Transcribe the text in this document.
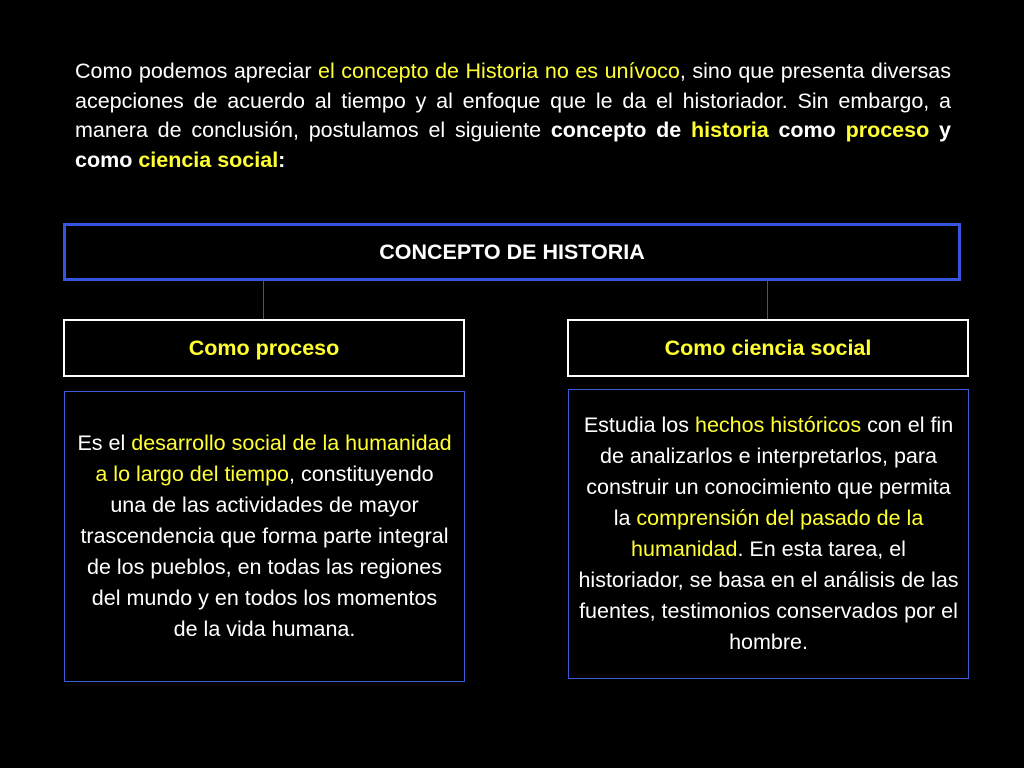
Como podemos apreciar el concepto de Historia no es unívoco, sino que presenta diversas acepciones de acuerdo al tiempo y al enfoque que le da el historiador. Sin embargo, a manera de conclusión, postulamos el siguiente concepto de historia como proceso y como ciencia social:
CONCEPTO DE HISTORIA
Como proceso	Como ciencia social

Es el desarrollo social de la humanidad a lo largo del tiempo, constituyendo una de las actividades de mayor trascendencia que forma parte integral de los pueblos, en todas las regiones del mundo y en todos los momentos de la vida humana.

Estudia los hechos históricos con el fin de analizarlos e interpretarlos, para construir un conocimiento que permita la comprensión del pasado de la humanidad. En esta tarea, el historiador, se basa en el análisis de las fuentes, testimonios conservados por el hombre.
